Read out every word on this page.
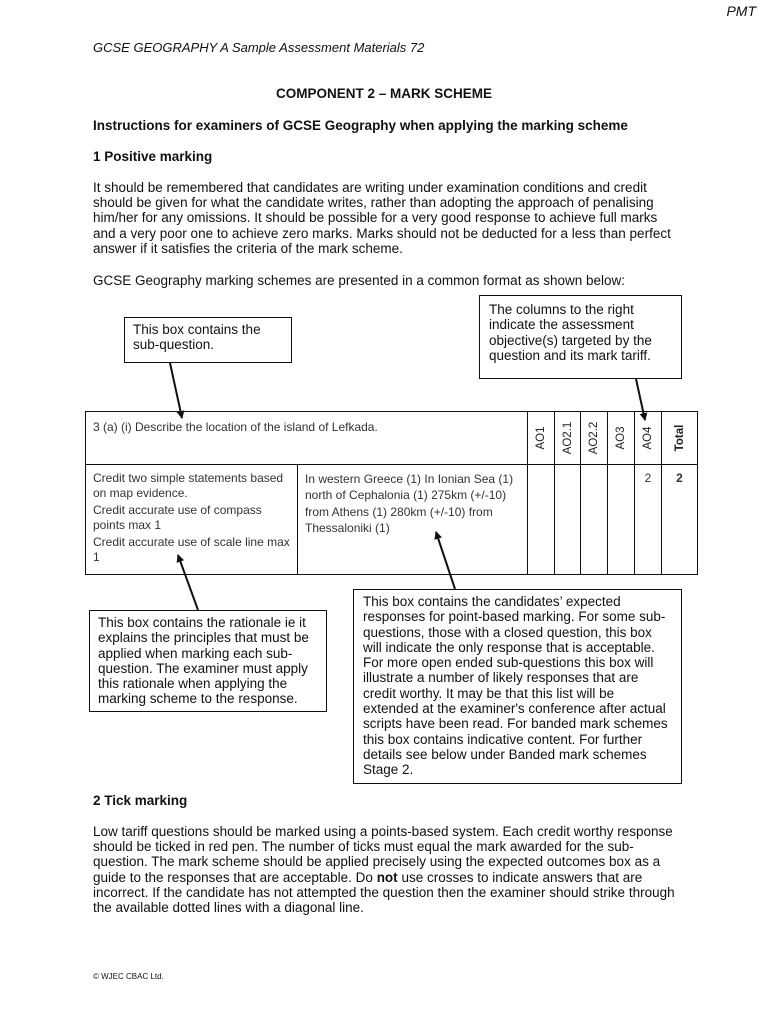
PMT
GCSE GEOGRAPHY A Sample Assessment Materials 72
COMPONENT 2 – MARK SCHEME
Instructions for examiners of GCSE Geography when applying the marking scheme
1 Positive marking
It should be remembered that candidates are writing under examination conditions and credit should be given for what the candidate writes, rather than adopting the approach of penalising him/her for any omissions. It should be possible for a very good response to achieve full marks and a very poor one to achieve zero marks. Marks should not be deducted for a less than perfect answer if it satisfies the criteria of the mark scheme.
GCSE Geography marking schemes are presented in a common format as shown below:
This box contains the sub-question.
The columns to the right indicate the assessment objective(s) targeted by the question and its mark tariff.
3 (a) (i) Describe the location of the island of Lefkada.		AO1	AO2.1	AO2.2	AO3	AO4	Total

Credit two simple statements based on map evidence.

Credit accurate use of compass points max 1

Credit accurate use of scale line max 1	In western Greece (1) In Ionian Sea (1) north of Cephalonia (1) 275km (+/-10) from Athens (1) 280km (+/-10) from Thessaloniki (1)					2	2
This box contains the rationale ie it explains the principles that must be applied when marking each sub-question. The examiner must apply this rationale when applying the marking scheme to the response.
This box contains the candidates’ expected responses for point-based marking. For some sub-questions, those with a closed question, this box will indicate the only response that is acceptable. For more open ended sub-questions this box will illustrate a number of likely responses that are credit worthy. It may be that this list will be extended at the examiner's conference after actual scripts have been read. For banded mark schemes this box contains indicative content. For further details see below under Banded mark schemes Stage 2.
2 Tick marking
Low tariff questions should be marked using a points-based system. Each credit worthy response should be ticked in red pen. The number of ticks must equal the mark awarded for the sub-question. The mark scheme should be applied precisely using the expected outcomes box as a guide to the responses that are acceptable. Do not use crosses to indicate answers that are incorrect. If the candidate has not attempted the question then the examiner should strike through the available dotted lines with a diagonal line.
© WJEC CBAC Ltd.
